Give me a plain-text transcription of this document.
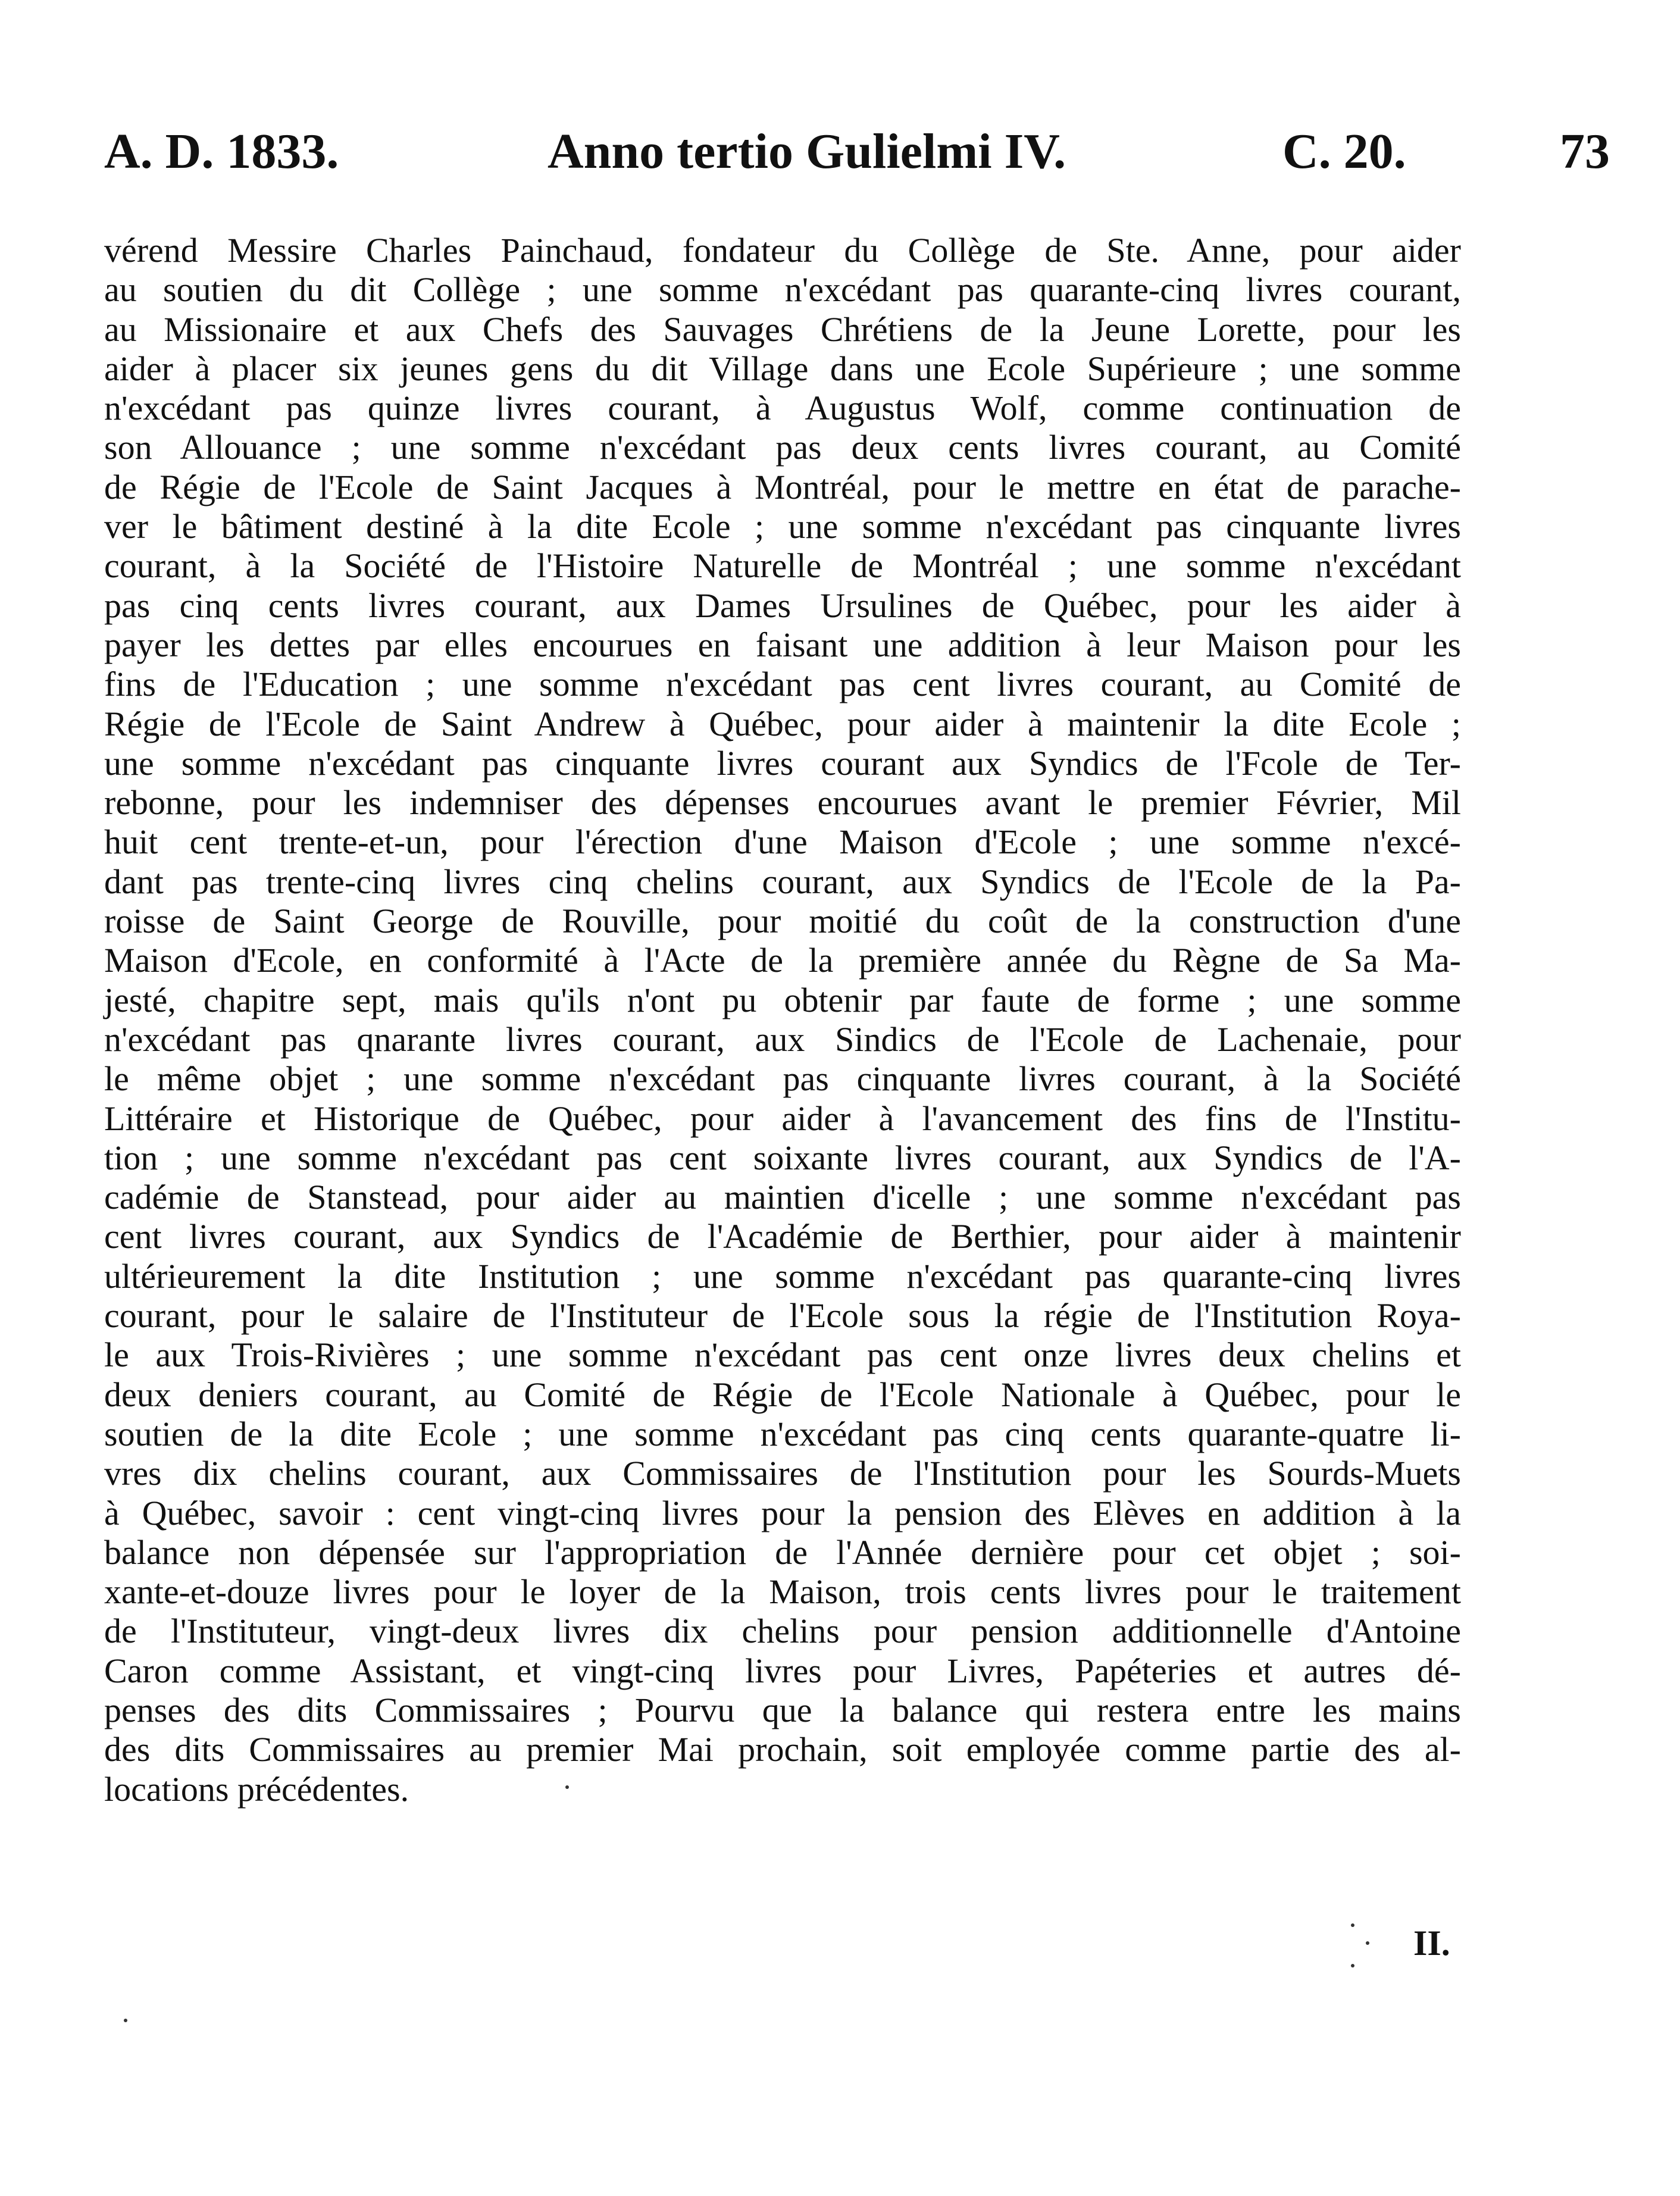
A. D. 1833.	Anno tertio Gulielmi IV.	C. 20.	73
vérend Messire Charles Painchaud, fondateur du Collège de Ste. Anne, pour aider
au soutien du dit Collège ; une somme n'excédant pas quarante-cinq livres courant,
au Missionaire et aux Chefs des Sauvages Chrétiens de la Jeune Lorette, pour les
aider à placer six jeunes gens du dit Village dans une Ecole Supérieure ; une somme
n'excédant pas quinze livres courant, à Augustus Wolf, comme continuation de
son Allouance ; une somme n'excédant pas deux cents livres courant, au Comité
de Régie de l'Ecole de Saint Jacques à Montréal, pour le mettre en état de parache-
ver le bâtiment destiné à la dite Ecole ; une somme n'excédant pas cinquante livres
courant, à la Société de l'Histoire Naturelle de Montréal ; une somme n'excédant
pas cinq cents livres courant, aux Dames Ursulines de Québec, pour les aider à
payer les dettes par elles encourues en faisant une addition à leur Maison pour les
fins de l'Education ; une somme n'excédant pas cent livres courant, au Comité de
Régie de l'Ecole de Saint Andrew à Québec, pour aider à maintenir la dite Ecole ;
une somme n'excédant pas cinquante livres courant aux Syndics de l'Fcole de Ter-
rebonne, pour les indemniser des dépenses encourues avant le premier Février, Mil
huit cent trente-et-un, pour l'érection d'une Maison d'Ecole ; une somme n'excé-
dant pas trente-cinq livres cinq chelins courant, aux Syndics de l'Ecole de la Pa-
roisse de Saint George de Rouville, pour moitié du coût de la construction d'une
Maison d'Ecole, en conformité à l'Acte de la première année du Règne de Sa Ma-
jesté, chapitre sept, mais qu'ils n'ont pu obtenir par faute de forme ; une somme
n'excédant pas qnarante livres courant, aux Sindics de l'Ecole de Lachenaie, pour
le même objet ; une somme n'excédant pas cinquante livres courant, à la Société
Littéraire et Historique de Québec, pour aider à l'avancement des fins de l'Institu-
tion ; une somme n'excédant pas cent soixante livres courant, aux Syndics de l'A-
cadémie de Stanstead, pour aider au maintien d'icelle ; une somme n'excédant pas
cent livres courant, aux Syndics de l'Académie de Berthier, pour aider à maintenir
ultérieurement la dite Institution ; une somme n'excédant pas quarante-cinq livres
courant, pour le salaire de l'Instituteur de l'Ecole sous la régie de l'Institution Roya-
le aux Trois-Rivières ; une somme n'excédant pas cent onze livres deux chelins et
deux deniers courant, au Comité de Régie de l'Ecole Nationale à Québec, pour le
soutien de la dite Ecole ; une somme n'excédant pas cinq cents quarante-quatre li-
vres dix chelins courant, aux Commissaires de l'Institution pour les Sourds-Muets
à Québec, savoir : cent vingt-cinq livres pour la pension des Elèves en addition à la
balance non dépensée sur l'appropriation de l'Année dernière pour cet objet ; soi-
xante-et-douze livres pour le loyer de la Maison, trois cents livres pour le traitement
de l'Instituteur, vingt-deux livres dix chelins pour pension additionnelle d'Antoine
Caron comme Assistant, et vingt-cinq livres pour Livres, Papéteries et autres dé-
penses des dits Commissaires ; Pourvu que la balance qui restera entre les mains
des dits Commissaires au premier Mai prochain, soit employée comme partie des al-
locations précédentes.
II.
